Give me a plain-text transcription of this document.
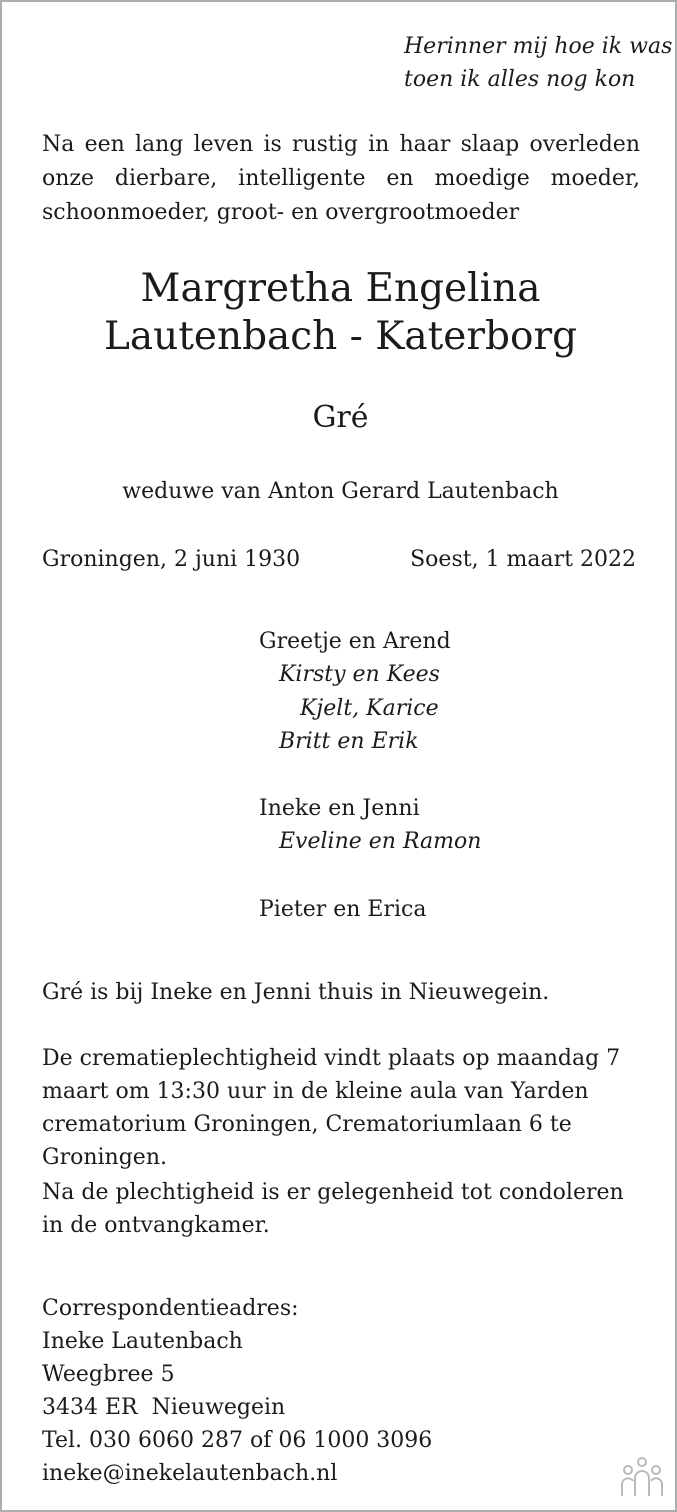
Herinner mij hoe ik was
toen ik alles nog kon
Na een lang leven is rustig in haar slaap overleden onze dierbare, intelligente en moedige moeder, schoonmoeder, groot- en overgrootmoeder
Margretha Engelina
Lautenbach - Katerborg
Gré
weduwe van Anton Gerard Lautenbach
Groningen, 2 juni 1930	Soest, 1 maart 2022
Greetje en Arend
Kirsty en Kees
Kjelt, Karice
Britt en Erik
Ineke en Jenni
Eveline en Ramon
Pieter en Erica
Gré is bij Ineke en Jenni thuis in Nieuwegein.
De crematieplechtigheid vindt plaats op maandag 7 maart om 13:30 uur in de kleine aula van Yarden crematorium Groningen, Crematoriumlaan 6 te Groningen.
Na de plechtigheid is er gelegenheid tot condoleren in de ontvangkamer.
Correspondentieadres:
Ineke Lautenbach
Weegbree 5
3434 ER  Nieuwegein
Tel. 030 6060 287 of 06 1000 3096
ineke@inekelautenbach.nl
